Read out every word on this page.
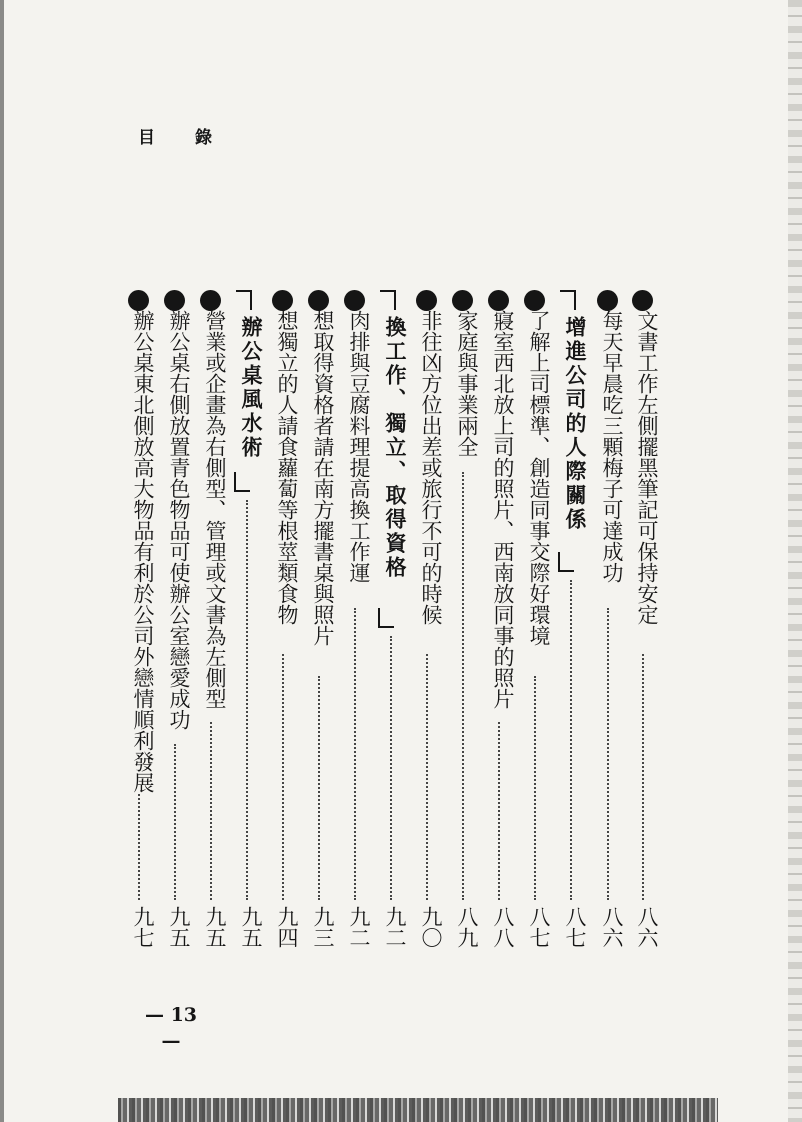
目 錄
文書工作左側擺黑筆記可保持安定
八六
每天早晨吃三顆梅子可達成功
八六
增進公司的人際關係
八七
了解上司標準、創造同事交際好環境
八七
寢室西北放上司的照片、西南放同事的照片
八八
家庭與事業兩全
八九
非往凶方位出差或旅行不可的時候
九〇
換工作、獨立、取得資格
九二
肉排與豆腐料理提高換工作運
九二
想取得資格者請在南方擺書桌與照片
九三
想獨立的人請食蘿蔔等根莖類食物
九四
辦公桌風水術
九五
營業或企畫為右側型、管理或文書為左側型
九五
辦公桌右側放置青色物品可使辦公室戀愛成功
九五
辦公桌東北側放高大物品有利於公司外戀情順利發展
九七
— 13 —
